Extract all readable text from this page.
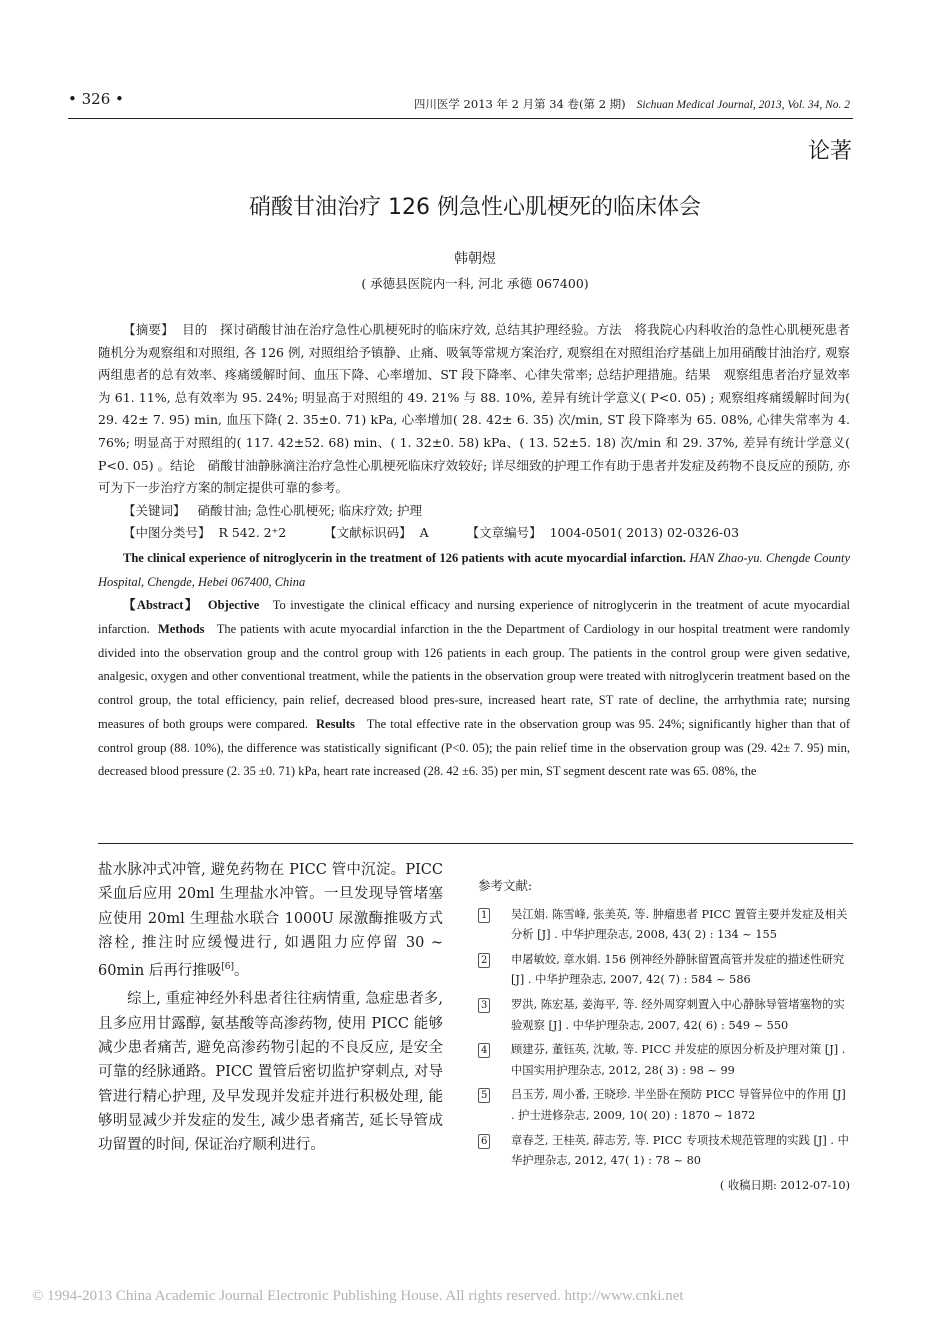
• 326 •	四川医学 2013 年 2 月第 34 卷(第 2 期) Sichuan Medical Journal, 2013, Vol. 34, No. 2
论著
硝酸甘油治疗 126 例急性心肌梗死的临床体会
韩朝煜
( 承德县医院内一科, 河北 承德 067400)

【摘要】 目的　探讨硝酸甘油在治疗急性心肌梗死时的临床疗效, 总结其护理经验。方法　将我院心内科收治的急性心肌梗死患者随机分为观察组和对照组, 各 126 例, 对照组给予镇静、止痛、吸氧等常规方案治疗, 观察组在对照组治疗基础上加用硝酸甘油治疗, 观察两组患者的总有效率、疼痛缓解时间、血压下降、心率增加、ST 段下降率、心律失常率; 总结护理措施。结果　观察组患者治疗显效率为 61. 11%, 总有效率为 95. 24%; 明显高于对照组的 49. 21% 与 88. 10%, 差异有统计学意义( P<0. 05) ; 观察组疼痛缓解时间为( 29. 42± 7. 95) min, 血压下降( 2. 35±0. 71) kPa, 心率增加( 28. 42± 6. 35) 次/min, ST 段下降率为 65. 08%, 心律失常率为 4. 76%; 明显高于对照组的( 117. 42±52. 68) min、( 1. 32±0. 58) kPa、( 13. 52±5. 18) 次/min 和 29. 37%, 差异有统计学意义( P<0. 05) 。结论　硝酸甘油静脉滴注治疗急性心肌梗死临床疗效较好; 详尽细致的护理工作有助于患者并发症及药物不良反应的预防, 亦可为下一步治疗方案的制定提供可靠的参考。

【关键词】 硝酸甘油; 急性心肌梗死; 临床疗效; 护理

【中图分类号】 R 542. 2⁺2	【文献标识码】 A	【文章编号】 1004-0501( 2013) 02-0326-03

The clinical experience of nitroglycerin in the treatment of 126 patients with acute myocardial infarction. HAN Zhao-yu. Chengde County Hospital, Chengde, Hebei 067400, China

【Abstract】 Objective To investigate the clinical efficacy and nursing experience of nitroglycerin in the treatment of acute myocardial infarction. Methods The patients with acute myocardial infarction in the the Department of Cardiology in our hospital treatment were randomly divided into the observation group and the control group with 126 patients in each group. The patients in the control group were given sedative, analgesic, oxygen and other conventional treatment, while the patients in the observation group were treated with nitroglycerin treatment based on the control group, the total efficiency, pain relief, decreased blood pres-sure, increased heart rate, ST rate of decline, the arrhythmia rate; nursing measures of both groups were compared. Results The total effective rate in the observation group was 95. 24%; significantly higher than that of control group (88. 10%), the difference was statistically significant (P<0. 05); the pain relief time in the observation group was (29. 42± 7. 95) min, decreased blood pressure (2. 35 ±0. 71) kPa, heart rate increased (28. 42 ±6. 35) per min, ST segment descent rate was 65. 08%, the

盐水脉冲式冲管, 避免药物在 PICC 管中沉淀。PICC 采血后应用 20ml 生理盐水冲管。一旦发现导管堵塞应使用 20ml 生理盐水联合 1000U 尿激酶推吸方式溶栓, 推注时应缓慢进行, 如遇阻力应停留 30 ~ 60min 后再行推吸[6]。

综上, 重症神经外科患者往往病情重, 急症患者多, 且多应用甘露醇, 氨基酸等高渗药物, 使用 PICC 能够减少患者痛苦, 避免高渗药物引起的不良反应, 是安全可靠的经脉通路。PICC 置管后密切监护穿刺点, 对导管进行精心护理, 及早发现并发症并进行积极处理, 能够明显减少并发症的发生, 减少患者痛苦, 延长导管成功留置的时间, 保证治疗顺利进行。

参考文献:

1 吴江娟. 陈雪峰, 张美英, 等. 肿瘤患者 PICC 置管主要并发症及相关分析 [J] . 中华护理杂志, 2008, 43( 2) : 134 ~ 155

2 申屠敏姣, 章水娟. 156 例神经外静脉留置高管并发症的描述性研究 [J] . 中华护理杂志, 2007, 42( 7) : 584 ~ 586

3 罗洪, 陈宏基, 姜海平, 等. 经外周穿刺置入中心静脉导管堵塞物的实验观察 [J] . 中华护理杂志, 2007, 42( 6) : 549 ~ 550

4 顾建芬, 董钰英, 沈敏, 等. PICC 并发症的原因分析及护理对策 [J] . 中国实用护理杂志, 2012, 28( 3) : 98 ~ 99

5 吕玉芳, 周小番, 王晓珍. 半坐卧在预防 PICC 导管异位中的作用 [J] . 护士进修杂志, 2009, 10( 20) : 1870 ~ 1872

6 章春芝, 王桂英, 薛志芳, 等. PICC 专项技术规范管理的实践 [J] . 中华护理杂志, 2012, 47( 1) : 78 ~ 80

( 收稿日期: 2012-07-10)
© 1994-2013 China Academic Journal Electronic Publishing House. All rights reserved. http://www.cnki.net
